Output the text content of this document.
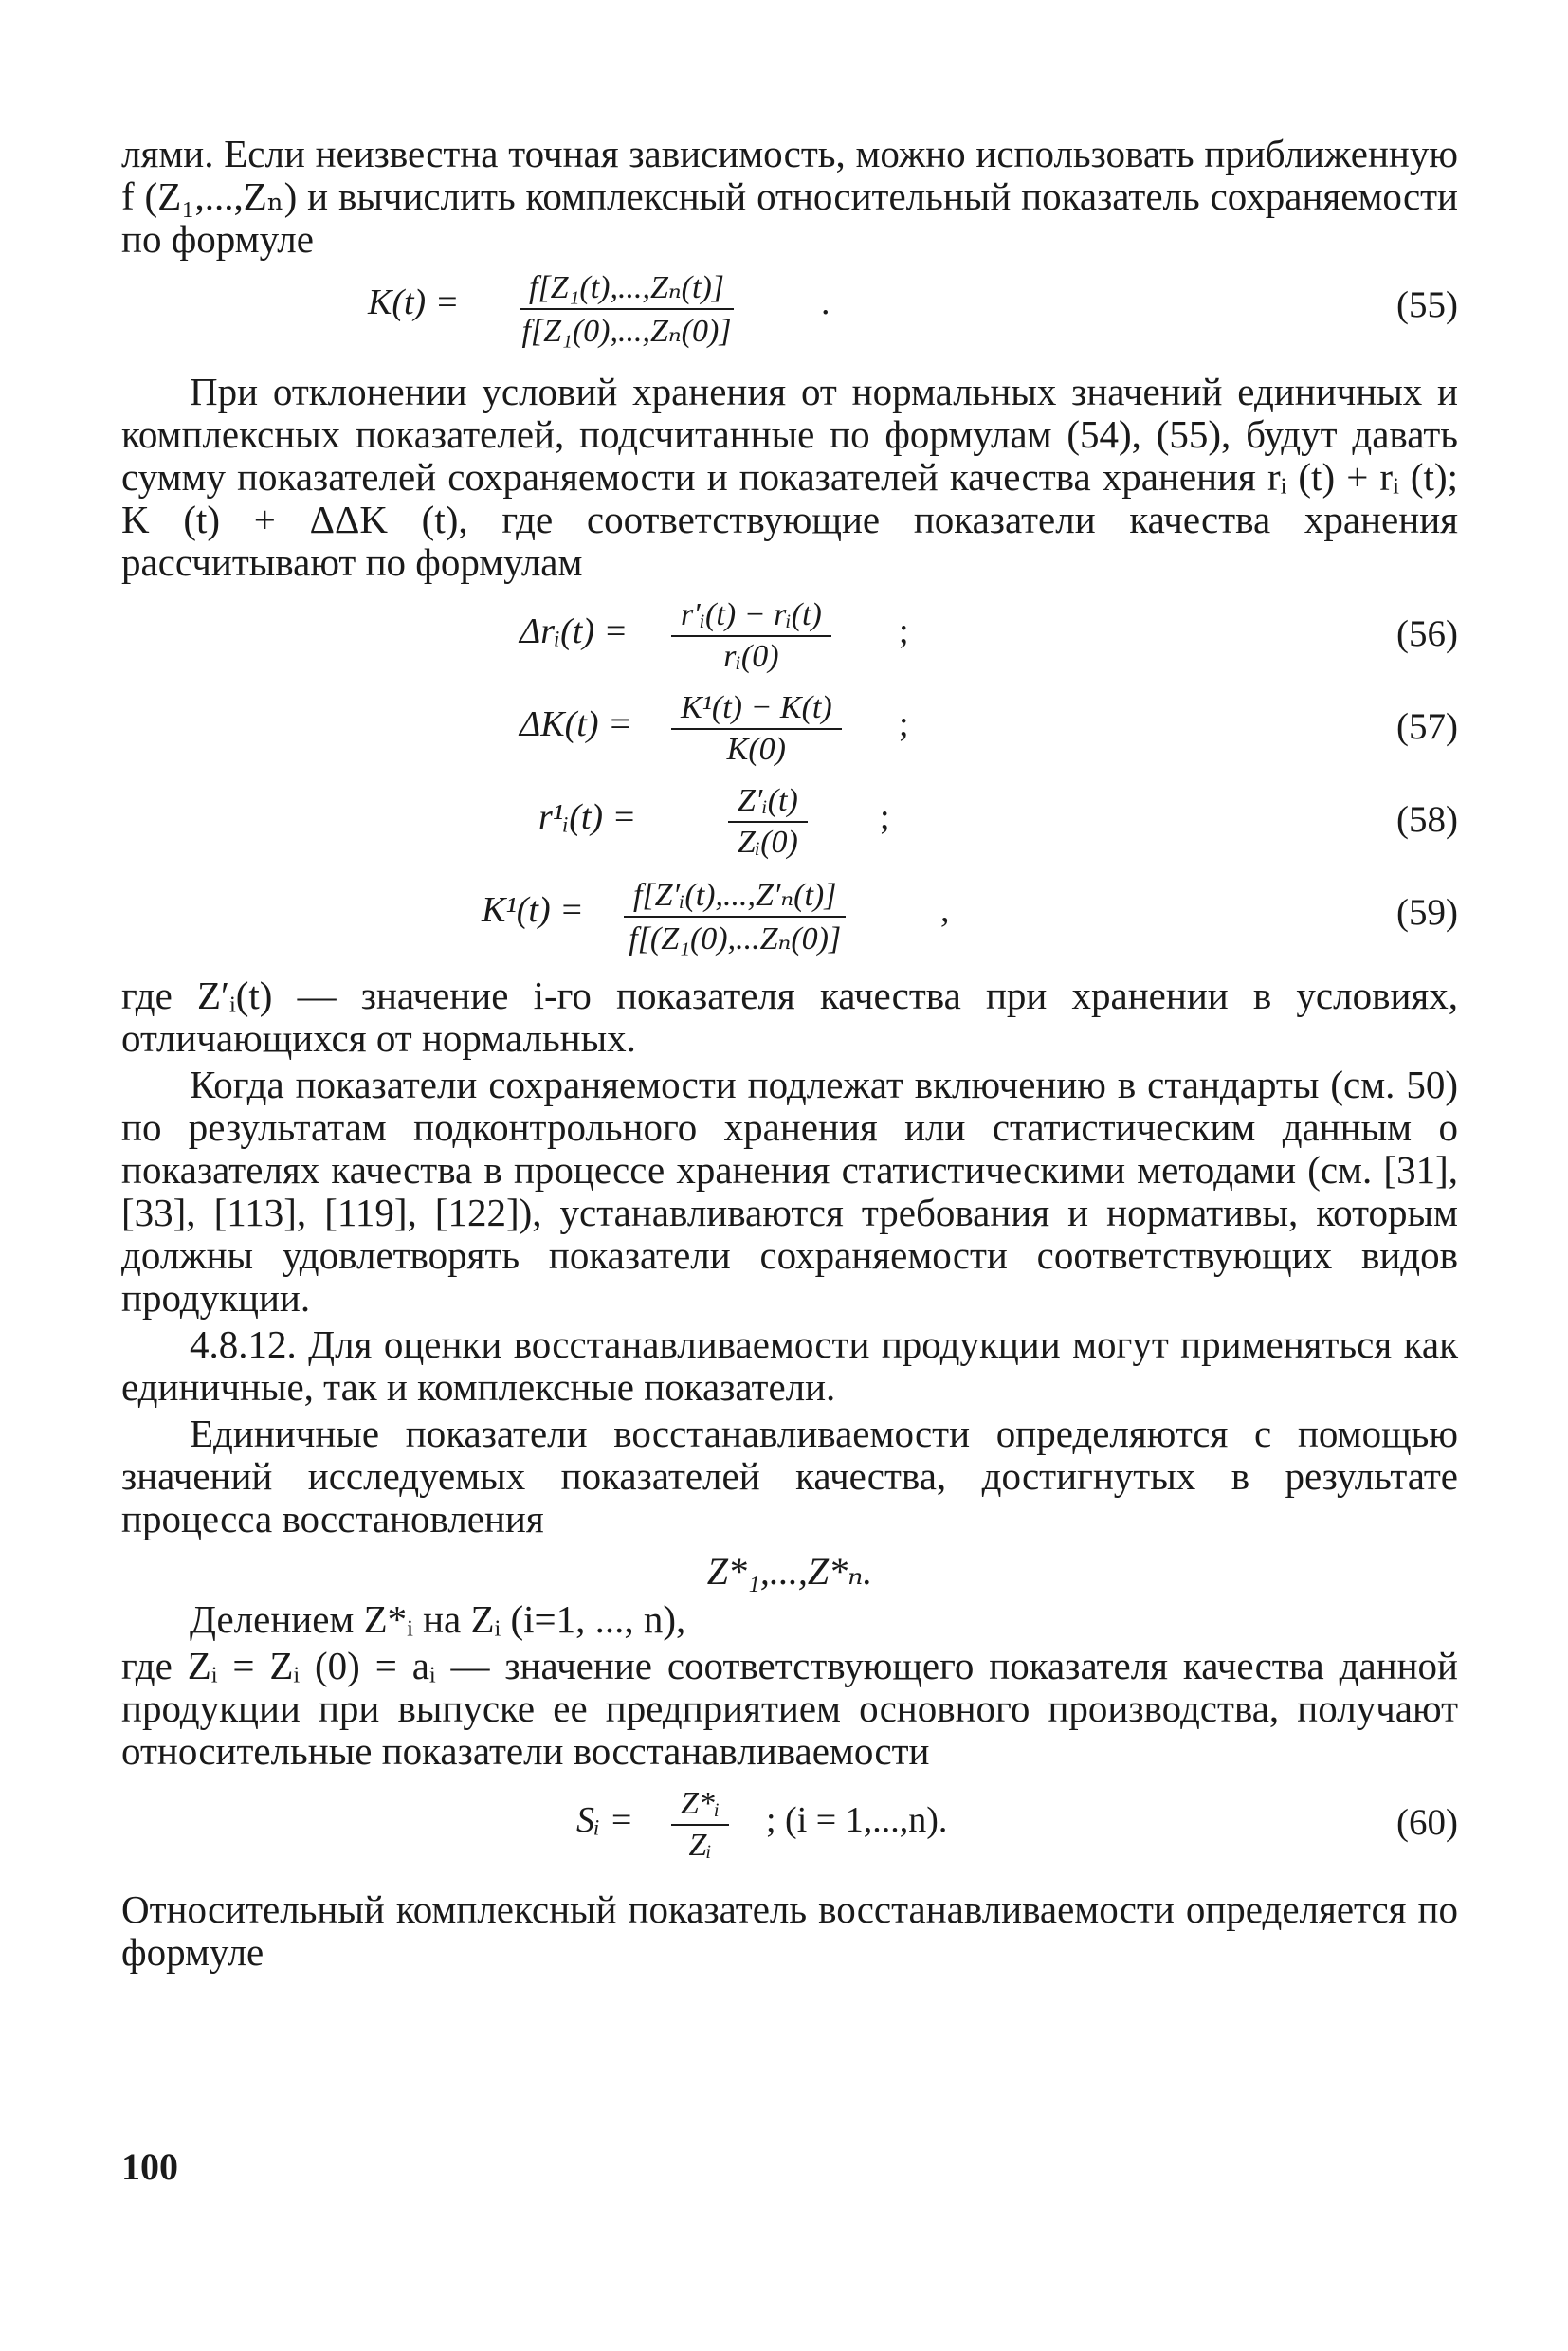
лями. Если неизвестна точная зависимость, можно использовать приближенную f (Z₁,...,Zₙ) и вычислить комплексный относительный показатель сохраняемости по формуле

$K(t) = \frac{\text{f[Z₁(t),...,Zₙ(t)]}}{\text{f[Z₁(0),...,Zₙ(0)]}}$ .	(55)

При отклонении условий хранения от нормальных значений единичных и комплексных показателей, подсчитанные по формулам (54), (55), будут давать сумму показателей сохраняемости и показателей качества хранения rᵢ (t) + rᵢ (t); K (t) + ΔΔK (t), где соответствующие показатели качества хранения рассчитывают по формулам

Δrᵢ(t) = $\frac{\text{r′ᵢ(t) − rᵢ(t)}}{\text{rᵢ(0)}}$ ;	(56)
$\Delta K(t) = \frac{\text{K¹(t) − K(t)}}{K(0)}$ ;	(57)
r¹ᵢ(t) =	$\frac{\text{Z′ᵢ(t)}}{\text{Zᵢ(0)}}$ ;	(58)
$K^1(t) = \frac{\text{f[Z′ᵢ(t),...,Z′ₙ(t)]}}{\text{f[(Z₁(0),...Zₙ(0)]}}$	,	(59)

где Z′ᵢ(t) — значение i-го показателя качества при хранении в условиях, отличающихся от нормальных.

Когда показатели сохраняемости подлежат включению в стандарты (см. 50) по результатам подконтрольного хранения или статистическим данным о показателях качества в процессе хранения статистическими методами (см. [31], [33], [113], [119], [122]), устанавливаются требования и нормативы, которым должны удовлетворять показатели сохраняемости соответствующих видов продукции.

4.8.12. Для оценки восстанавливаемости продукции могут применяться как единичные, так и комплексные показатели.

Единичные показатели восстанавливаемости определяются с помощью значений исследуемых показателей качества, достигнутых в результате процесса восстановления

Z*₁,...,Z*ₙ.

Делением Z*ᵢ на Zᵢ (i=1, ..., n),

где Zᵢ = Zᵢ (0) = aᵢ — значение соответствующего показателя качества данной продукции при выпуске ее предприятием основного производства, получают относительные показатели восстанавливаемости

Sᵢ = $\frac{\text{Z*ᵢ}}{\text{Zᵢ}}$ ; (i = 1,...,n).	(60)

Относительный комплексный показатель восстанавливаемости определяется по формуле

100
